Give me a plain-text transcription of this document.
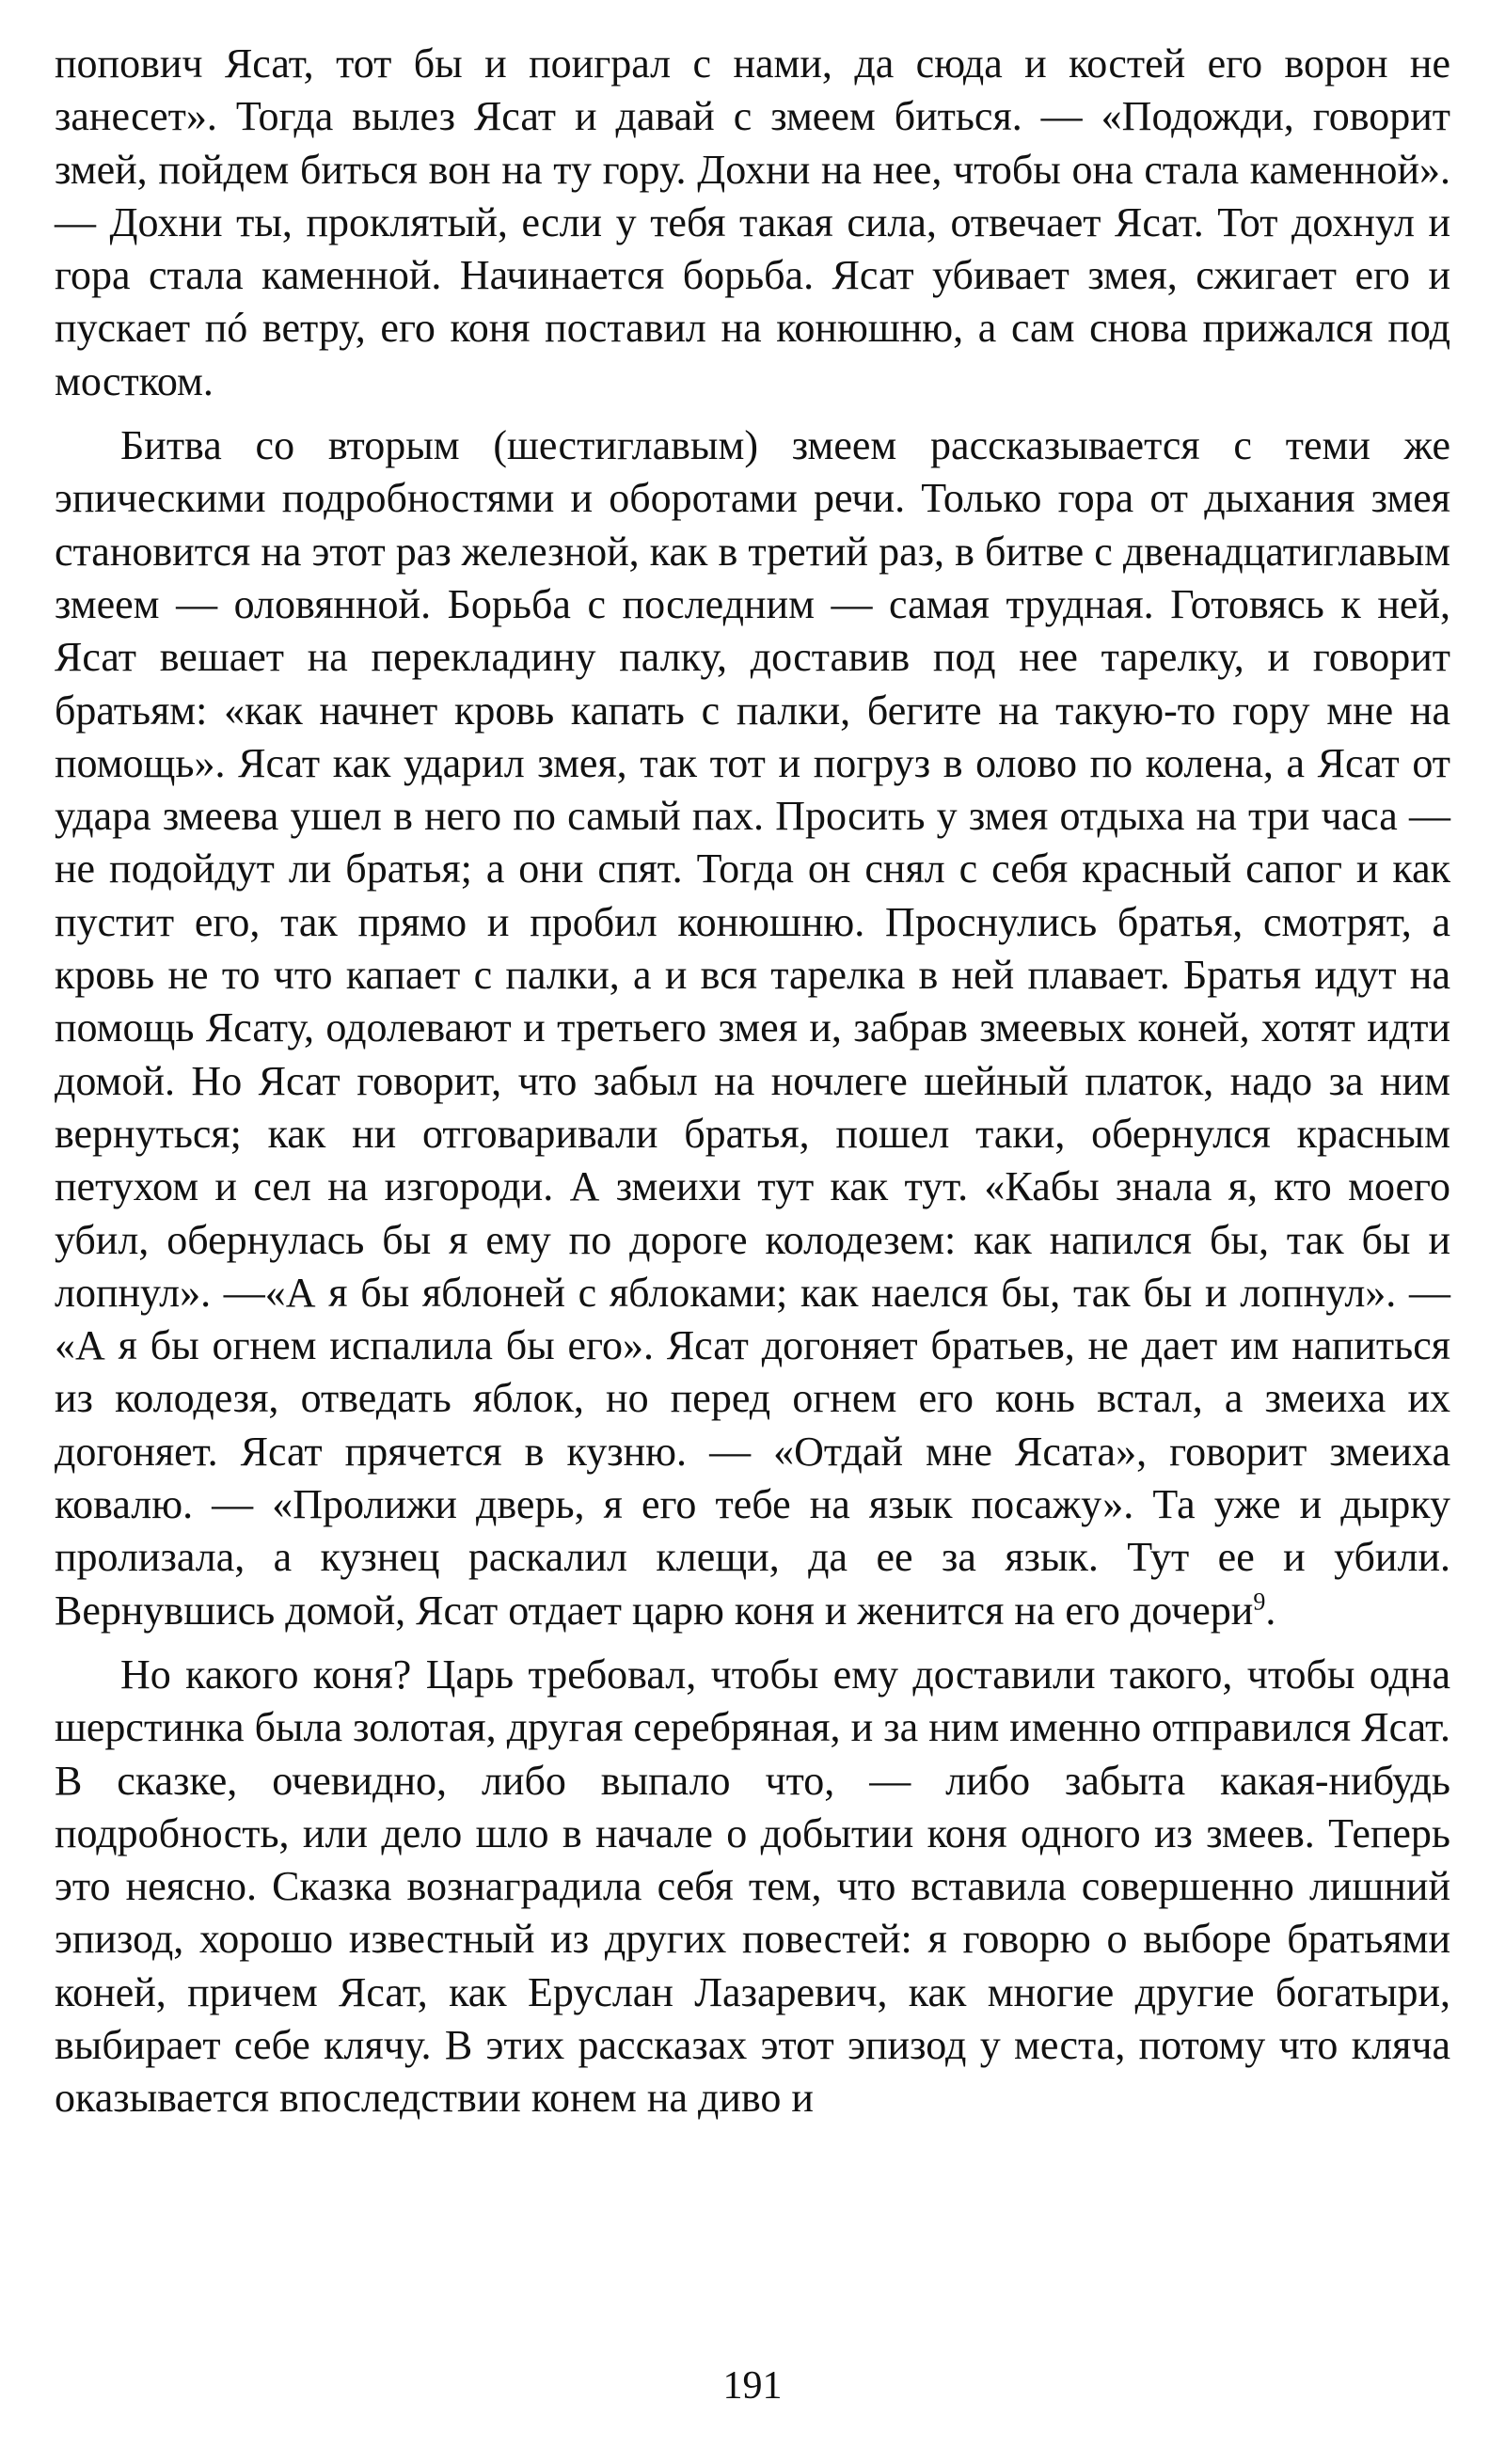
попович Ясат, тот бы и поиграл с нами, да сюда и костей его ворон не занесет». Тогда вылез Ясат и давай с змеем биться. — «Подожди, говорит змей, пойдем биться вон на ту гору. Дохни на нее, чтобы она стала каменной». — Дохни ты, проклятый, если у тебя такая сила, отвечает Ясат. Тот дохнул и гора стала каменной. Начинается борьба. Ясат убивает змея, сжигает его и пускает пó ветру, его коня поставил на конюшню, а сам снова прижался под мостком.

Битва со вторым (шестиглавым) змеем рассказывается с теми же эпическими подробностями и оборотами речи. Только гора от дыхания змея становится на этот раз железной, как в третий раз, в битве с двенадцатиглавым змеем — оловянной. Борьба с последним — самая трудная. Готовясь к ней, Ясат вешает на перекладину палку, доставив под нее тарелку, и говорит братьям: «как начнет кровь капать с палки, бегите на такую-то гору мне на помощь». Ясат как ударил змея, так тот и погруз в олово по колена, а Ясат от удара змеева ушел в него по самый пах. Просить у змея отдыха на три часа — не подойдут ли братья; а они спят. Тогда он снял с себя красный сапог и как пустит его, так прямо и пробил конюшню. Проснулись братья, смотрят, а кровь не то что капает с палки, а и вся тарелка в ней плавает. Братья идут на помощь Ясату, одолевают и третьего змея и, забрав змеевых коней, хотят идти домой. Но Ясат говорит, что забыл на ночлеге шейный платок, надо за ним вернуться; как ни отговаривали братья, пошел таки, обернулся красным петухом и сел на изгороди. А змеихи тут как тут. «Кабы знала я, кто моего убил, обернулась бы я ему по дороге колодезем: как напился бы, так бы и лопнул». —«А я бы яблоней с яблоками; как наелся бы, так бы и лопнул». — «А я бы огнем испалила бы его». Ясат догоняет братьев, не дает им напиться из колодезя, отведать яблок, но перед огнем его конь встал, а змеиха их догоняет. Ясат прячется в кузню. — «Отдай мне Ясата», говорит змеиха ковалю. — «Пролижи дверь, я его тебе на язык посажу». Та уже и дырку пролизала, а кузнец раскалил клещи, да ее за язык. Тут ее и убили. Вернувшись домой, Ясат отдает царю коня и женится на его дочери$^9$.

Но какого коня? Царь требовал, чтобы ему доставили такого, чтобы одна шерстинка была золотая, другая серебряная, и за ним именно отправился Ясат. В сказке, очевидно, либо выпало что, — либо забыта какая-нибудь подробность, или дело шло в начале о добытии коня одного из змеев. Теперь это неясно. Сказка вознаградила себя тем, что вставила совершенно лишний эпизод, хорошо известный из других повестей: я говорю о выборе братьями коней, причем Ясат, как Еруслан Лазаревич, как многие другие богатыри, выбирает себе клячу. В этих рассказах этот эпизод у места, потому что кляча оказывается впоследствии конем на диво и

191
